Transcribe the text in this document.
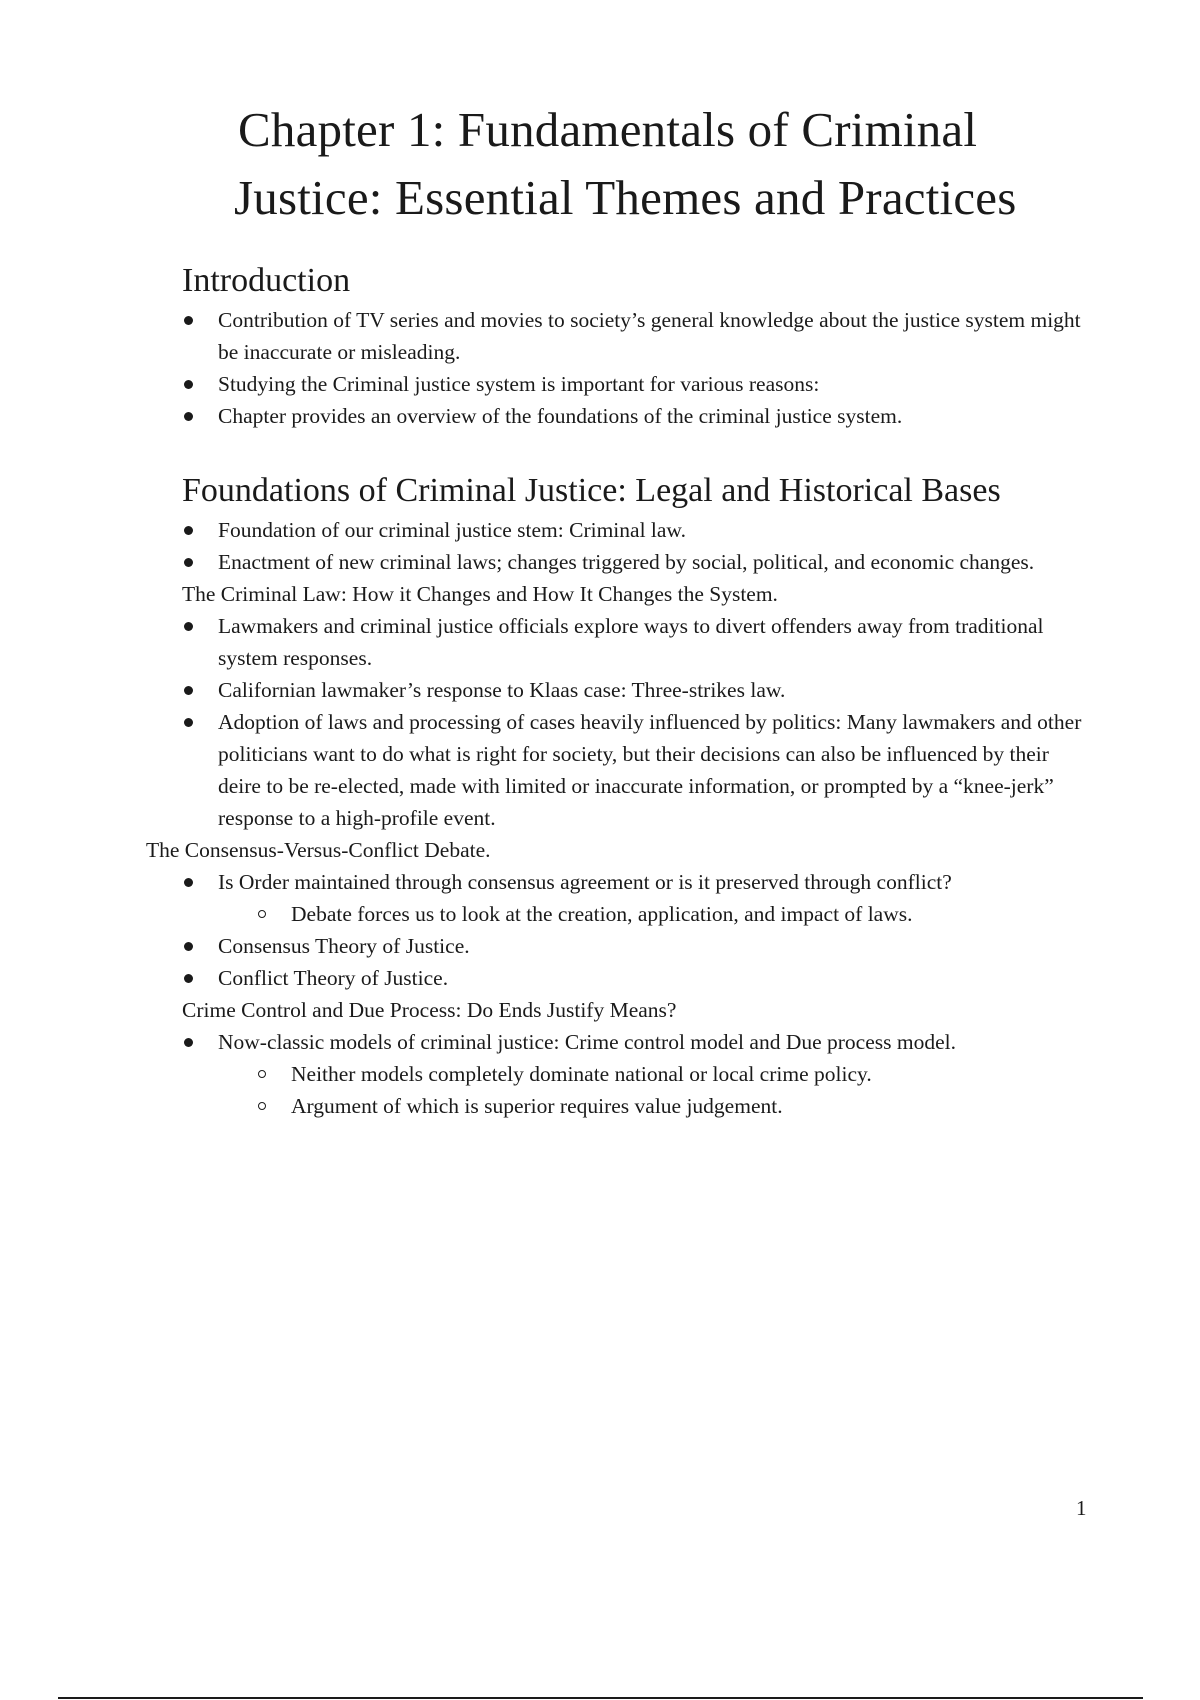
Chapter 1: Fundamentals of Criminal
Justice: Essential Themes and Practices
Introduction
Contribution of TV series and movies to society’s general knowledge about the justice system might be inaccurate or misleading.
Studying the Criminal justice system is important for various reasons:
Chapter provides an overview of the foundations of the criminal justice system.
Foundations of Criminal Justice: Legal and Historical Bases
Foundation of our criminal justice stem: Criminal law.
Enactment of new criminal laws; changes triggered by social, political, and economic changes.

The Criminal Law: How it Changes and How It Changes the System.

Lawmakers and criminal justice officials explore ways to divert offenders away from traditional system responses.
Californian lawmaker’s response to Klaas case: Three-strikes law.
Adoption of laws and processing of cases heavily influenced by politics: Many lawmakers and other politicians want to do what is right for society, but their decisions can also be influenced by their deire to be re-elected, made with limited or inaccurate information, or prompted by a “knee-jerk” response to a high-profile event.

The Consensus-Versus-Conflict Debate.

Is Order maintained through consensus agreement or is it preserved through conflict?
Debate forces us to look at the creation, application, and impact of laws.
Consensus Theory of Justice.
Conflict Theory of Justice.

Crime Control and Due Process: Do Ends Justify Means?

Now-classic models of criminal justice: Crime control model and Due process model.
Neither models completely dominate national or local crime policy.
Argument of which is superior requires value judgement.
1
